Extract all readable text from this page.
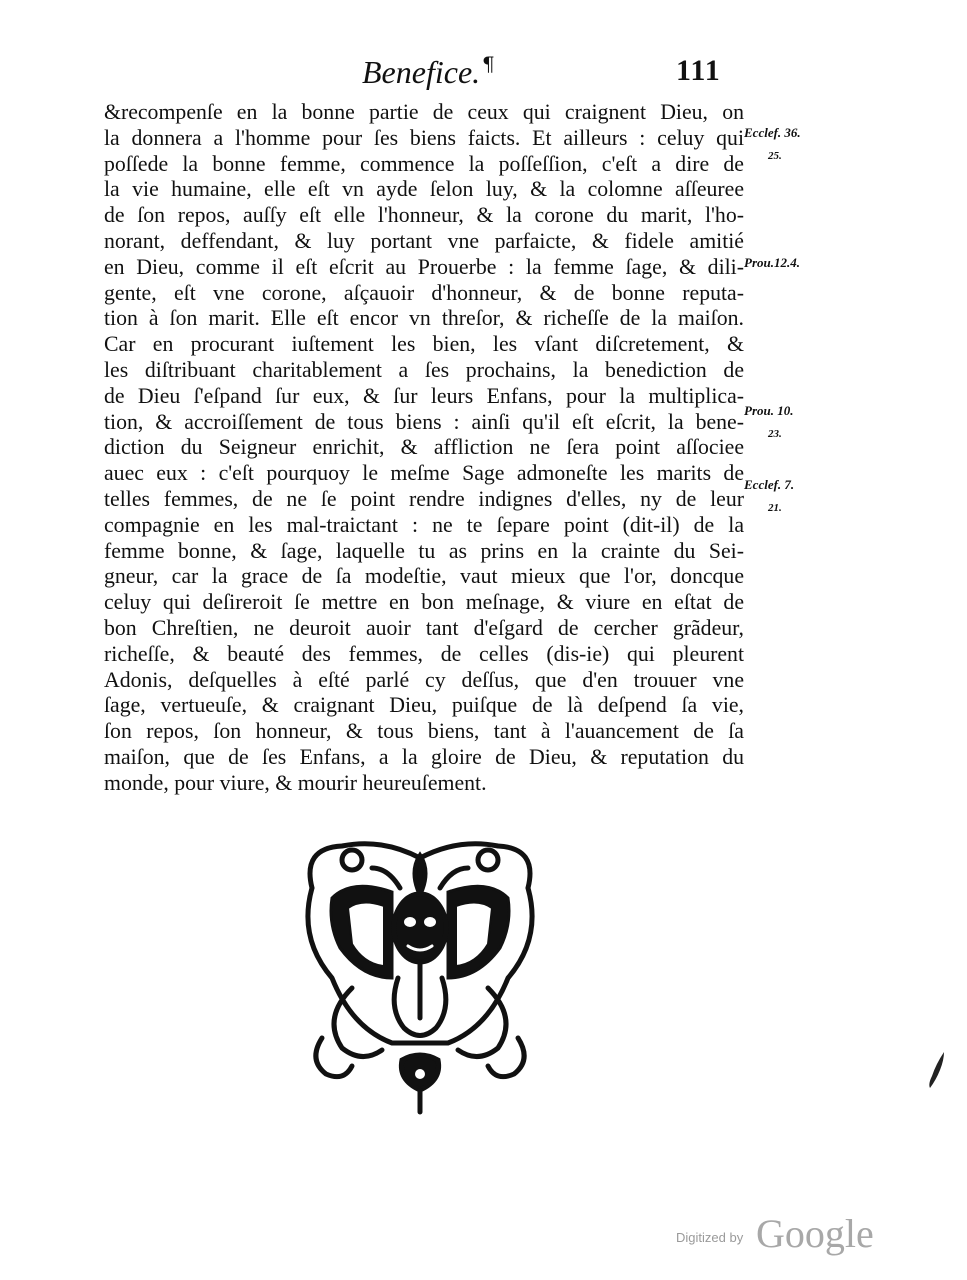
Benefice. ¶	111
&recompenſe en la bonne partie de ceux qui craignent Dieu, on
la donnera a l'homme pour ſes biens faicts. Et ailleurs : celuy qui
poſſede la bonne femme, commence la poſſeſſion, c'eſt a dire de
la vie humaine, elle eſt vn ayde ſelon luy, & la colomne aſſeuree
de ſon repos, auſſy eſt elle l'honneur, & la corone du marit, l'ho-
norant, deffendant, & luy portant vne parfaicte, & fidele amitié
en Dieu, comme il eſt eſcrit au Prouerbe : la femme ſage, & dili-
gente, eſt vne corone, aſçauoir d'honneur, & de bonne reputa-
tion à ſon marit. Elle eſt encor vn threſor, & richeſſe de la maiſon.
Car en procurant iuſtement les bien, les vſant diſcretement, &
les diſtribuant charitablement a ſes prochains, la benediction de
de Dieu ſ'eſpand ſur eux, & ſur leurs Enfans, pour la multiplica-
tion, & accroiſſement de tous biens : ainſi qu'il eſt eſcrit, la bene-
diction du Seigneur enrichit, & affliction ne ſera point aſſociee
auec eux : c'eſt pourquoy le meſme Sage admoneſte les marits de
telles femmes, de ne ſe point rendre indignes d'elles, ny de leur
compagnie en les mal-traictant : ne te ſepare point (dit-il) de la
femme bonne, & ſage, laquelle tu as prins en la crainte du Sei-
gneur, car la grace de ſa modeſtie, vaut mieux que l'or, doncque
celuy qui deſireroit ſe mettre en bon meſnage, & viure en eſtat de
bon Chreſtien, ne deuroit auoir tant d'eſgard de cercher grãdeur,
richeſſe, & beauté des femmes, de celles (dis-ie) qui pleurent
Adonis, deſquelles à eſté parlé cy deſſus, que d'en trouuer vne
ſage, vertueuſe, & craignant Dieu, puiſque de là deſpend ſa vie,
ſon repos, ſon honneur, & tous biens, tant à l'auancement de ſa
maiſon, que de ſes Enfans, a la gloire de Dieu, & reputation du
monde, pour viure, & mourir heureuſement.
Ecclef. 36.
25.
Prou.12.4.
Prou. 10.
23.
Ecclef. 7.
21.
Digitized by Google
